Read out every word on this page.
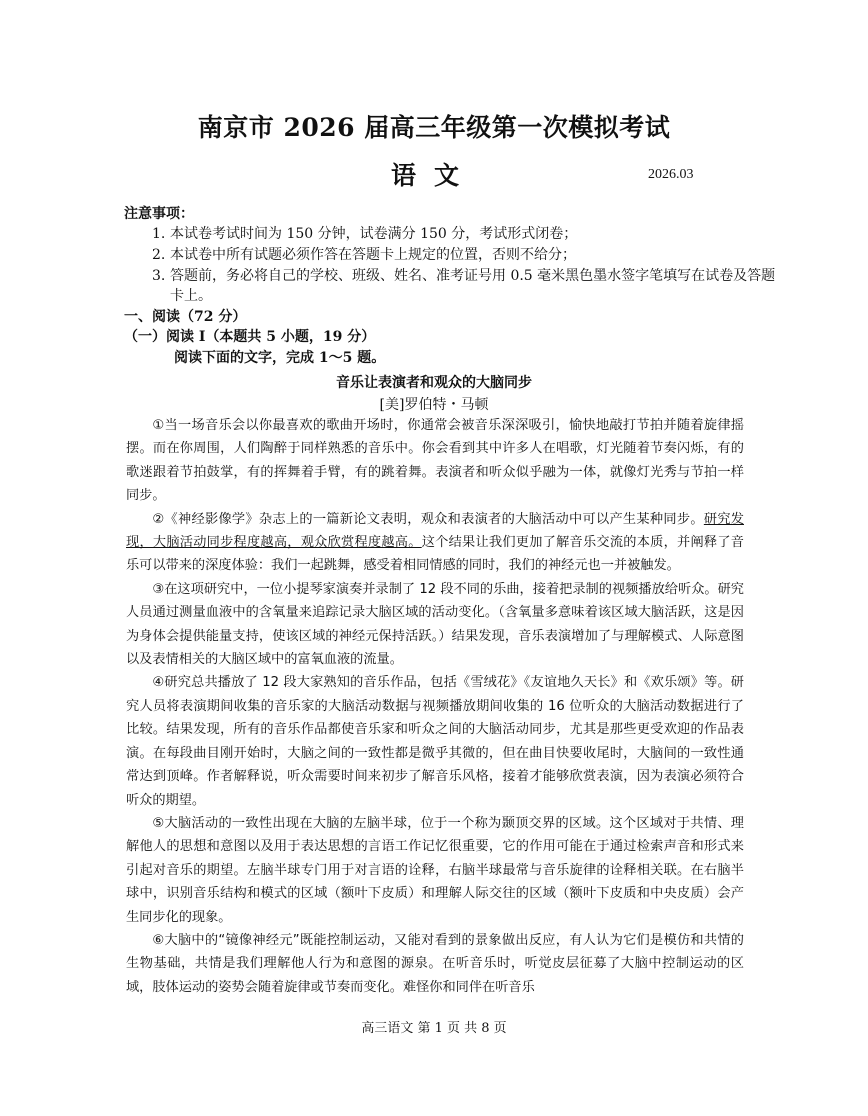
南京市 2026 届高三年级第一次模拟考试
语文	2026.03
注意事项：
1. 本试卷考试时间为 150 分钟，试卷满分 150 分，考试形式闭卷；
2. 本试卷中所有试题必须作答在答题卡上规定的位置，否则不给分；
3. 答题前，务必将自己的学校、班级、姓名、准考证号用 0.5 毫米黑色墨水签字笔填写在试卷及答题卡上。
一、阅读（72 分）
（一）阅读 Ⅰ（本题共 5 小题，19 分）
阅读下面的文字，完成 1～5 题。
音乐让表演者和观众的大脑同步
[美]罗伯特・马顿

①当一场音乐会以你最喜欢的歌曲开场时，你通常会被音乐深深吸引，愉快地敲打节拍并随着旋律摇摆。而在你周围，人们陶醉于同样熟悉的音乐中。你会看到其中许多人在唱歌，灯光随着节奏闪烁，有的歌迷跟着节拍鼓掌，有的挥舞着手臂，有的跳着舞。表演者和听众似乎融为一体，就像灯光秀与节拍一样同步。

②《神经影像学》杂志上的一篇新论文表明，观众和表演者的大脑活动中可以产生某种同步。研究发现，大脑活动同步程度越高，观众欣赏程度越高。这个结果让我们更加了解音乐交流的本质，并阐释了音乐可以带来的深度体验：我们一起跳舞，感受着相同情感的同时，我们的神经元也一并被触发。

③在这项研究中，一位小提琴家演奏并录制了 12 段不同的乐曲，接着把录制的视频播放给听众。研究人员通过测量血液中的含氧量来追踪记录大脑区域的活动变化。（含氧量多意味着该区域大脑活跃，这是因为身体会提供能量支持，使该区域的神经元保持活跃。）结果发现，音乐表演增加了与理解模式、人际意图以及表情相关的大脑区域中的富氧血液的流量。

④研究总共播放了 12 段大家熟知的音乐作品，包括《雪绒花》《友谊地久天长》和《欢乐颂》等。研究人员将表演期间收集的音乐家的大脑活动数据与视频播放期间收集的 16 位听众的大脑活动数据进行了比较。结果发现，所有的音乐作品都使音乐家和听众之间的大脑活动同步，尤其是那些更受欢迎的作品表演。在每段曲目刚开始时，大脑之间的一致性都是微乎其微的，但在曲目快要收尾时，大脑间的一致性通常达到顶峰。作者解释说，听众需要时间来初步了解音乐风格，接着才能够欣赏表演，因为表演必须符合听众的期望。

⑤大脑活动的一致性出现在大脑的左脑半球，位于一个称为颞顶交界的区域。这个区域对于共情、理解他人的思想和意图以及用于表达思想的言语工作记忆很重要，它的作用可能在于通过检索声音和形式来引起对音乐的期望。左脑半球专门用于对言语的诠释，右脑半球最常与音乐旋律的诠释相关联。在右脑半球中，识别音乐结构和模式的区域（额叶下皮质）和理解人际交往的区域（额叶下皮质和中央皮质）会产生同步化的现象。

⑥大脑中的“镜像神经元”既能控制运动，又能对看到的景象做出反应，有人认为它们是模仿和共情的生物基础，共情是我们理解他人行为和意图的源泉。在听音乐时，听觉皮层征募了大脑中控制运动的区域，肢体运动的姿势会随着旋律或节奏而变化。难怪你和同伴在听音乐

高三语文 第 1 页 共 8 页
